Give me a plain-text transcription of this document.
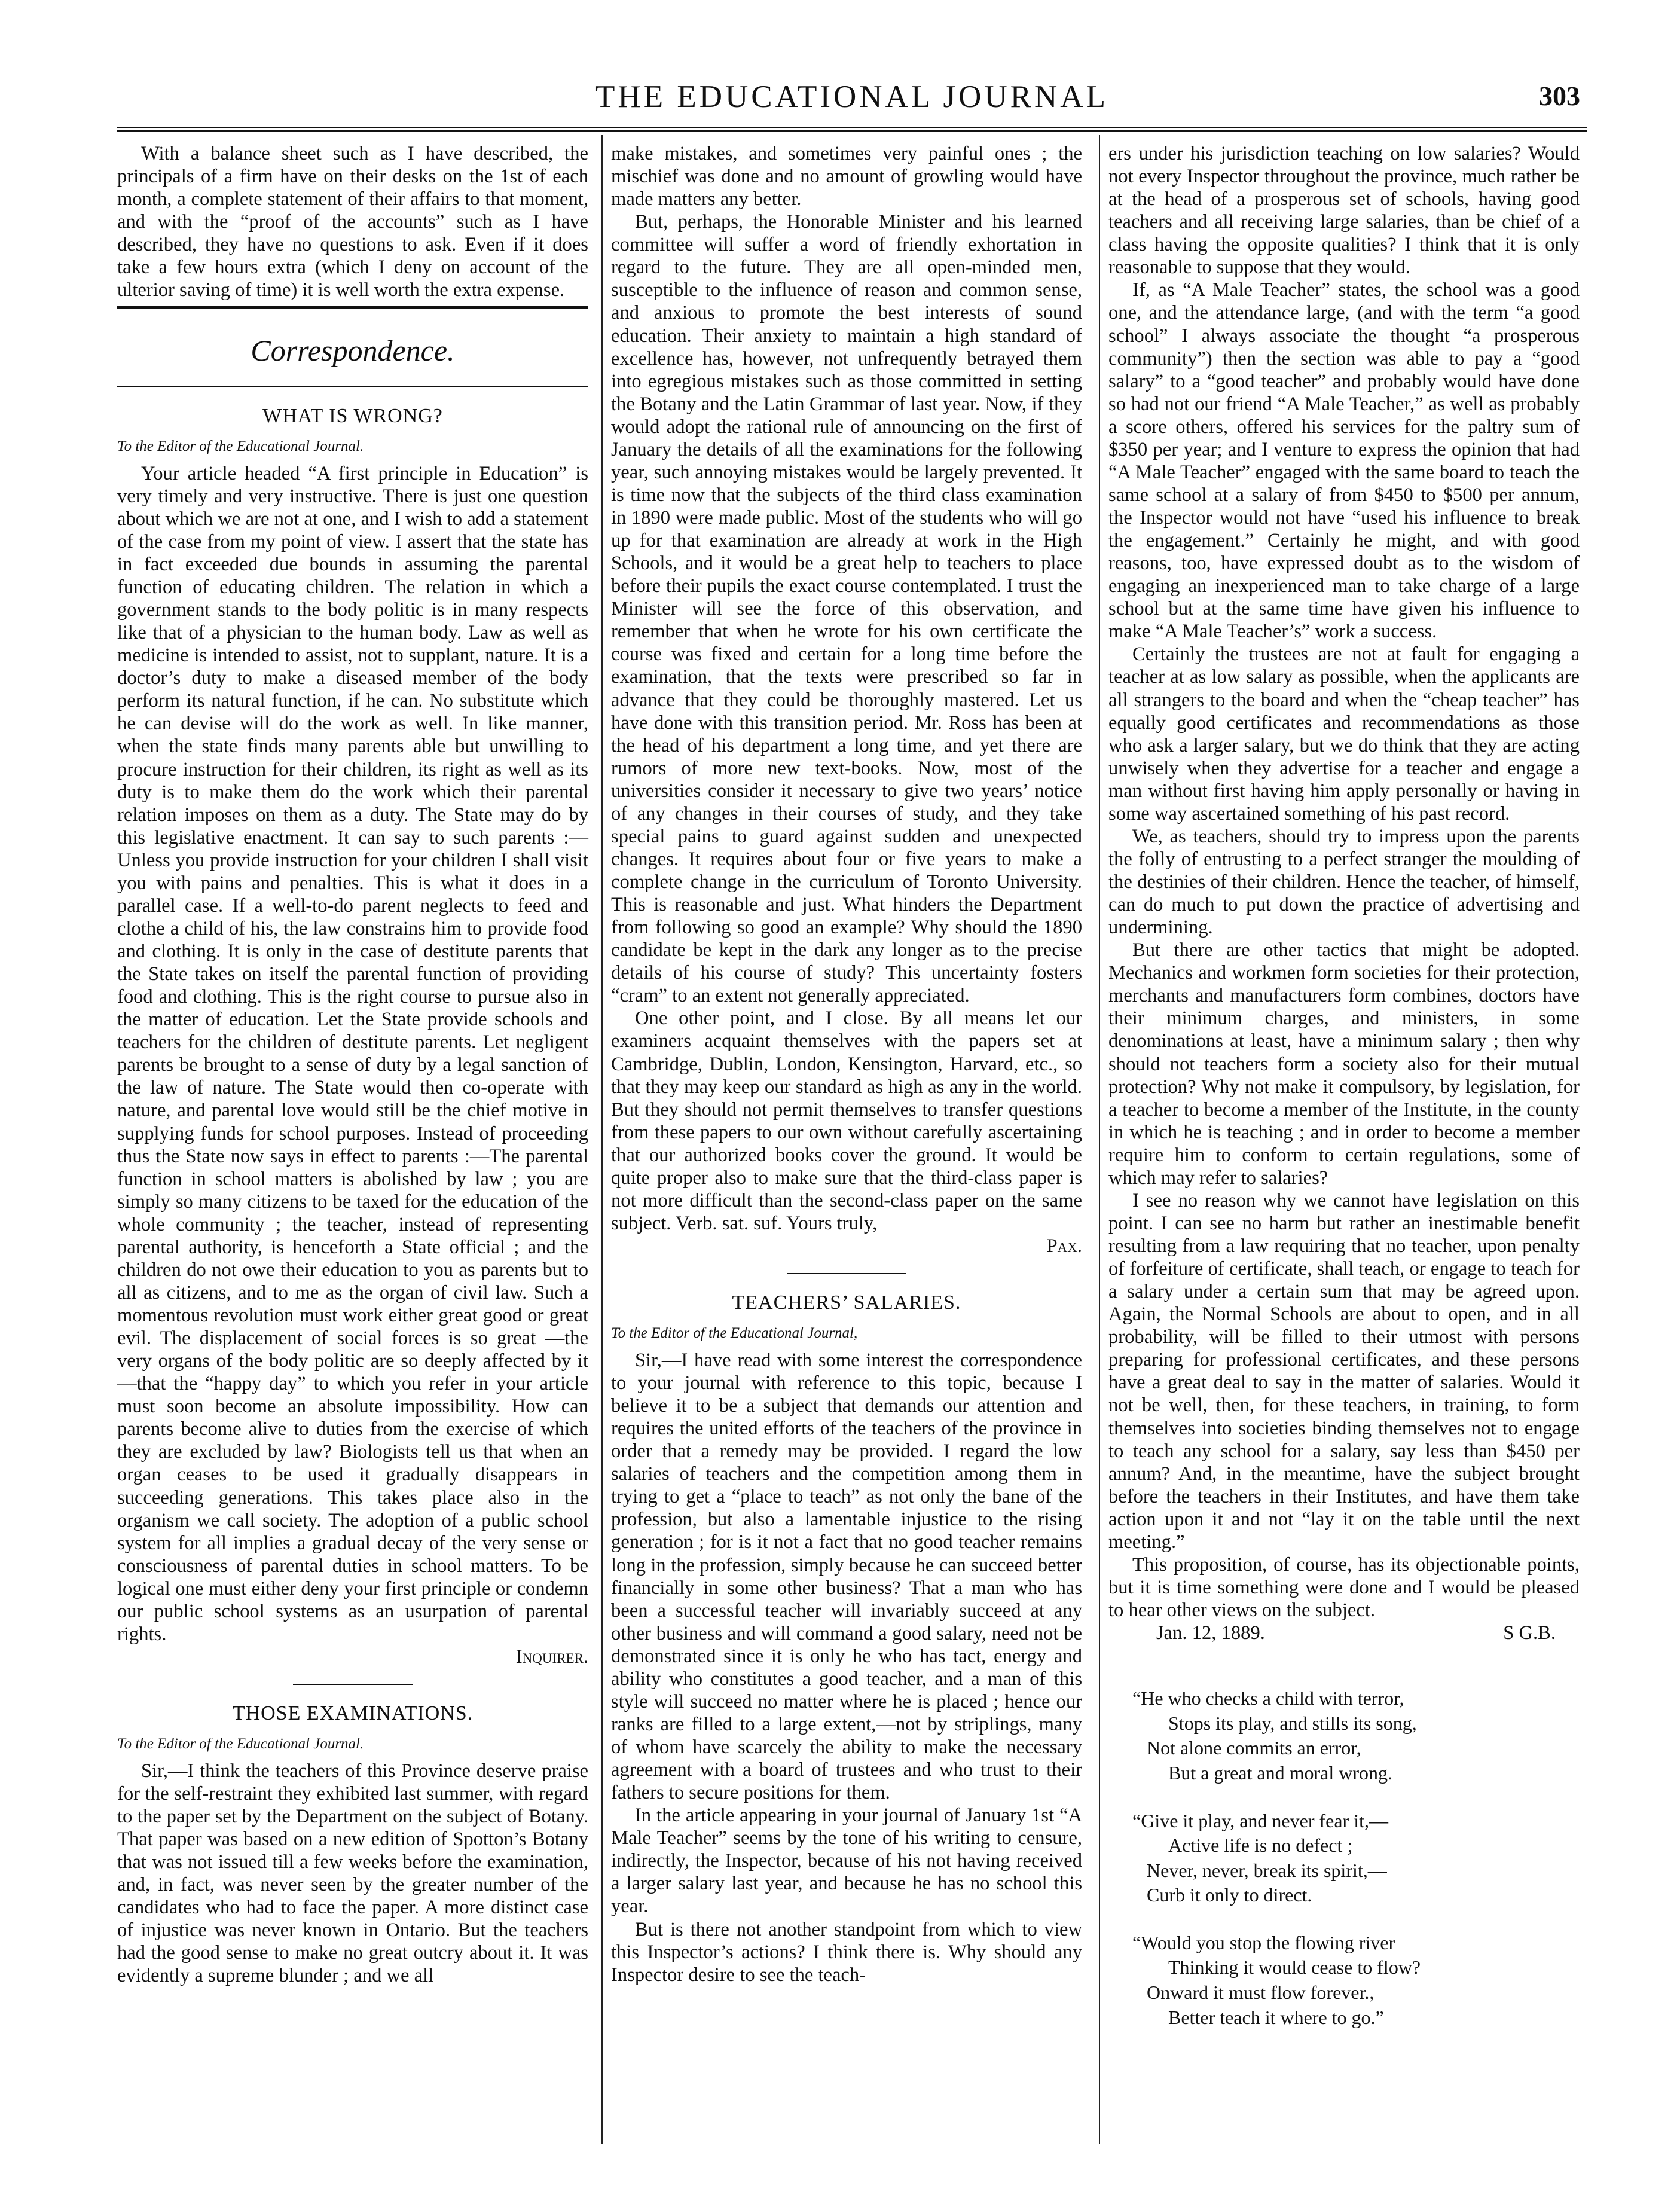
THE EDUCATIONAL JOURNAL	303

With a balance sheet such as I have described, the principals of a firm have on their desks on the 1st of each month, a complete statement of their affairs to that moment, and with the “proof of the accounts” such as I have described, they have no questions to ask. Even if it does take a few hours extra (which I deny on account of the ulterior saving of time) it is well worth the extra expense.

Correspondence.
WHAT IS WRONG?
To the Editor of the Educational Journal.

Your article headed “A first principle in Education” is very timely and very instructive. There is just one question about which we are not at one, and I wish to add a statement of the case from my point of view. I assert that the state has in fact exceeded due bounds in assuming the parental function of educating children. The relation in which a government stands to the body politic is in many respects like that of a physician to the human body. Law as well as medicine is intended to assist, not to supplant, nature. It is a doctor’s duty to make a diseased member of the body perform its natural function, if he can. No substitute which he can devise will do the work as well. In like manner, when the state finds many parents able but unwilling to procure instruction for their children, its right as well as its duty is to make them do the work which their parental relation imposes on them as a duty. The State may do by this legislative enactment. It can say to such parents :—Unless you provide instruction for your children I shall visit you with pains and penalties. This is what it does in a parallel case. If a well-to-do parent neglects to feed and clothe a child of his, the law constrains him to provide food and clothing. It is only in the case of destitute parents that the State takes on itself the parental function of providing food and clothing. This is the right course to pursue also in the matter of education. Let the State provide schools and teachers for the children of destitute parents. Let negligent parents be brought to a sense of duty by a legal sanction of the law of nature. The State would then co-operate with nature, and parental love would still be the chief motive in supplying funds for school purposes. Instead of proceeding thus the State now says in effect to parents :—The parental function in school matters is abolished by law ; you are simply so many citizens to be taxed for the education of the whole community ; the teacher, instead of representing parental authority, is henceforth a State official ; and the children do not owe their education to you as parents but to all as citizens, and to me as the organ of civil law. Such a momentous revolution must work either great good or great evil. The displacement of social forces is so great —the very organs of the body politic are so deeply affected by it—that the “happy day” to which you refer in your article must soon become an absolute impossibility. How can parents become alive to duties from the exercise of which they are excluded by law? Biologists tell us that when an organ ceases to be used it gradually disappears in succeeding generations. This takes place also in the organism we call society. The adoption of a public school system for all implies a gradual decay of the very sense or consciousness of parental duties in school matters. To be logical one must either deny your first principle or condemn our public school systems as an usurpation of parental rights.

Inquirer.

THOSE EXAMINATIONS.
To the Editor of the Educational Journal.

Sir,—I think the teachers of this Province deserve praise for the self-restraint they exhibited last summer, with regard to the paper set by the Department on the subject of Botany. That paper was based on a new edition of Spotton’s Botany that was not issued till a few weeks before the examination, and, in fact, was never seen by the greater number of the candidates who had to face the paper. A more distinct case of injustice was never known in Ontario. But the teachers had the good sense to make no great outcry about it. It was evidently a supreme blunder ; and we all

make mistakes, and sometimes very painful ones ; the mischief was done and no amount of growling would have made matters any better.

But, perhaps, the Honorable Minister and his learned committee will suffer a word of friendly exhortation in regard to the future. They are all open-minded men, susceptible to the influence of reason and common sense, and anxious to promote the best interests of sound education. Their anxiety to maintain a high standard of excellence has, however, not unfrequently betrayed them into egregious mistakes such as those committed in setting the Botany and the Latin Grammar of last year. Now, if they would adopt the rational rule of announcing on the first of January the details of all the examinations for the following year, such annoying mistakes would be largely prevented. It is time now that the subjects of the third class examination in 1890 were made public. Most of the students who will go up for that examination are already at work in the High Schools, and it would be a great help to teachers to place before their pupils the exact course contemplated. I trust the Minister will see the force of this observation, and remember that when he wrote for his own certificate the course was fixed and certain for a long time before the examination, that the texts were prescribed so far in advance that they could be thoroughly mastered. Let us have done with this transition period. Mr. Ross has been at the head of his department a long time, and yet there are rumors of more new text-books. Now, most of the universities consider it necessary to give two years’ notice of any changes in their courses of study, and they take special pains to guard against sudden and unexpected changes. It requires about four or five years to make a complete change in the curriculum of Toronto University. This is reasonable and just. What hinders the Department from following so good an example? Why should the 1890 candidate be kept in the dark any longer as to the precise details of his course of study? This uncertainty fosters “cram” to an extent not generally appreciated.

One other point, and I close. By all means let our examiners acquaint themselves with the papers set at Cambridge, Dublin, London, Kensington, Harvard, etc., so that they may keep our standard as high as any in the world. But they should not permit themselves to transfer questions from these papers to our own without carefully ascertaining that our authorized books cover the ground. It would be quite proper also to make sure that the third-class paper is not more difficult than the second-class paper on the same subject. Verb. sat. suf. Yours truly,

Pax.

TEACHERS’ SALARIES.
To the Editor of the Educational Journal,

Sir,—I have read with some interest the correspondence to your journal with reference to this topic, because I believe it to be a subject that demands our attention and requires the united efforts of the teachers of the province in order that a remedy may be provided. I regard the low salaries of teachers and the competition among them in trying to get a “place to teach” as not only the bane of the profession, but also a lamentable injustice to the rising generation ; for is it not a fact that no good teacher remains long in the profession, simply because he can succeed better financially in some other business? That a man who has been a successful teacher will invariably succeed at any other business and will command a good salary, need not be demonstrated since it is only he who has tact, energy and ability who constitutes a good teacher, and a man of this style will succeed no matter where he is placed ; hence our ranks are filled to a large extent,—not by striplings, many of whom have scarcely the ability to make the necessary agreement with a board of trustees and who trust to their fathers to secure positions for them.

In the article appearing in your journal of January 1st “A Male Teacher” seems by the tone of his writing to censure, indirectly, the Inspector, because of his not having received a larger salary last year, and because he has no school this year.

But is there not another standpoint from which to view this Inspector’s actions? I think there is. Why should any Inspector desire to see the teach-

ers under his jurisdiction teaching on low salaries? Would not every Inspector throughout the province, much rather be at the head of a prosperous set of schools, having good teachers and all receiving large salaries, than be chief of a class having the opposite qualities? I think that it is only reasonable to suppose that they would.

If, as “A Male Teacher” states, the school was a good one, and the attendance large, (and with the term “a good school” I always associate the thought “a prosperous community”) then the section was able to pay a “good salary” to a “good teacher” and probably would have done so had not our friend “A Male Teacher,” as well as probably a score others, offered his services for the paltry sum of $350 per year; and I venture to express the opinion that had “A Male Teacher” engaged with the same board to teach the same school at a salary of from $450 to $500 per annum, the Inspector would not have “used his influence to break the engagement.” Certainly he might, and with good reasons, too, have expressed doubt as to the wisdom of engaging an inexperienced man to take charge of a large school but at the same time have given his influence to make “A Male Teacher’s” work a success.

Certainly the trustees are not at fault for engaging a teacher at as low salary as possible, when the applicants are all strangers to the board and when the “cheap teacher” has equally good certificates and recommendations as those who ask a larger salary, but we do think that they are acting unwisely when they advertise for a teacher and engage a man without first having him apply personally or having in some way ascertained something of his past record.

We, as teachers, should try to impress upon the parents the folly of entrusting to a perfect stranger the moulding of the destinies of their children. Hence the teacher, of himself, can do much to put down the practice of advertising and undermining.

But there are other tactics that might be adopted. Mechanics and workmen form societies for their protection, merchants and manufacturers form combines, doctors have their minimum charges, and ministers, in some denominations at least, have a minimum salary ; then why should not teachers form a society also for their mutual protection? Why not make it compulsory, by legislation, for a teacher to become a member of the Institute, in the county in which he is teaching ; and in order to become a member require him to conform to certain regulations, some of which may refer to salaries?

I see no reason why we cannot have legislation on this point. I can see no harm but rather an inestimable benefit resulting from a law requiring that no teacher, upon penalty of forfeiture of certificate, shall teach, or engage to teach for a salary under a certain sum that may be agreed upon. Again, the Normal Schools are about to open, and in all probability, will be filled to their utmost with persons preparing for professional certificates, and these persons have a great deal to say in the matter of salaries. Would it not be well, then, for these teachers, in training, to form themselves into societies binding themselves not to engage to teach any school for a salary, say less than $450 per annum? And, in the meantime, have the subject brought before the teachers in their Institutes, and have them take action upon it and not “lay it on the table until the next meeting.”

This proposition, of course, has its objectionable points, but it is time something were done and I would be pleased to hear other views on the subject.

Jan. 12, 1889.	S G.B.

“He who checks a child with terror,
Stops its play, and stills its song,
Not alone commits an error,
But a great and moral wrong.
“Give it play, and never fear it,—
Active life is no defect ;
Never, never, break its spirit,—
Curb it only to direct.
“Would you stop the flowing river
Thinking it would cease to flow?
Onward it must flow forever.,
Better teach it where to go.”
